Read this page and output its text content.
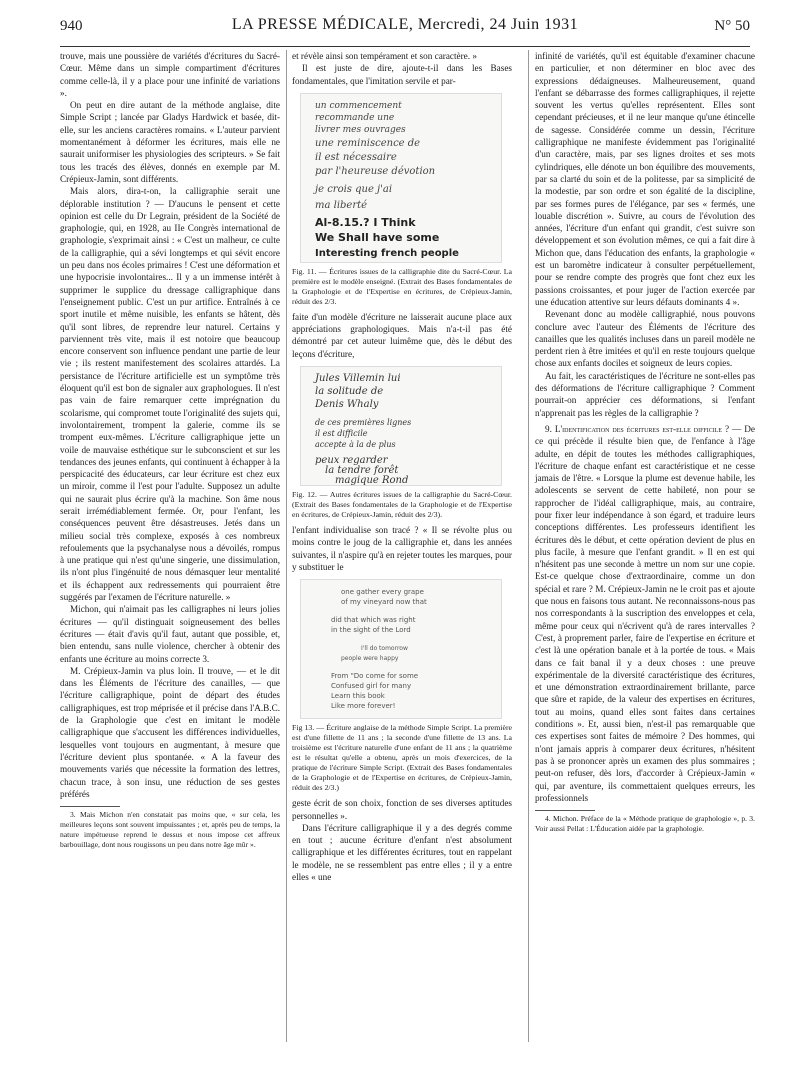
940	LA PRESSE MÉDICALE, Mercredi, 24 Juin 1931	N° 50

trouve, mais une poussière de variétés d'écritures du Sacré-Cœur. Même dans un simple compartiment d'écritures comme celle-là, il y a place pour une infinité de variations ».

On peut en dire autant de la méthode anglaise, dite Simple Script ; lancée par Gladys Hardwick et basée, dit-elle, sur les anciens caractères romains. « L'auteur parvient momentanément à déformer les écritures, mais elle ne saurait uniformiser les physiologies des scripteurs. » Se fait tous les tracés des élèves, donnés en exemple par M. Crépieux-Jamin, sont différents.

Mais alors, dira-t-on, la calligraphie serait une déplorable institution ? — D'aucuns le pensent et cette opinion est celle du Dr Legrain, président de la Société de graphologie, qui, en 1928, au IIe Congrès international de graphologie, s'exprimait ainsi : « C'est un malheur, ce culte de la calligraphie, qui a sévi longtemps et qui sévit encore un peu dans nos écoles primaires ! C'est une déformation et une hypocrisie involontaires... Il y a un immense intérêt à supprimer le supplice du dressage calligraphique dans l'enseignement public. C'est un pur artifice. Entraînés à ce sport inutile et même nuisible, les enfants se hâtent, dès qu'il sont libres, de reprendre leur naturel. Certains y parviennent très vite, mais il est notoire que beaucoup encore conservent son influence pendant une partie de leur vie ; ils restent manifestement des scolaires attardés. La persistance de l'écriture artificielle est un symptôme très éloquent qu'il est bon de signaler aux graphologues. Il n'est pas vain de faire remarquer cette imprégnation du scolarisme, qui compromet toute l'originalité des sujets qui, involontairement, trompent la galerie, comme ils se trompent eux-mêmes. L'écriture calligraphique jette un voile de mauvaise esthétique sur le subconscient et sur les tendances des jeunes enfants, qui continuent à échapper à la perspicacité des éducateurs, car leur écriture est chez eux un miroir, comme il l'est pour l'adulte. Supposez un adulte qui ne saurait plus écrire qu'à la machine. Son âme nous serait irrémédiablement fermée. Or, pour l'enfant, les conséquences peuvent être désastreuses. Jetés dans un milieu social très complexe, exposés à ces nombreux refoulements que la psychanalyse nous a dévoilés, rompus à une pratique qui n'est qu'une singerie, une dissimulation, ils n'ont plus l'ingénuité de nous démasquer leur mentalité et ils échappent aux redressements qui pourraient être suggérés par l'examen de l'écriture naturelle. »

Michon, qui n'aimait pas les calligraphes ni leurs jolies écritures — qu'il distinguait soigneusement des belles écritures — était d'avis qu'il faut, autant que possible, et, bien entendu, sans nulle violence, chercher à obtenir des enfants une écriture au moins correcte 3.

M. Crépieux-Jamin va plus loin. Il trouve, — et le dit dans les Éléments de l'écriture des canailles, — que l'écriture calligraphique, point de départ des études calligraphiques, est trop méprisée et il précise dans l'A.B.C. de la Graphologie que c'est en imitant le modèle calligraphique que s'accusent les différences individuelles, lesquelles vont toujours en augmentant, à mesure que l'écriture devient plus spontanée. « A la faveur des mouvements variés que nécessite la formation des lettres, chacun trace, à son insu, une réduction de ses gestes préférés

3. Mais Michon n'en constatait pas moins que, « sur cela, les meilleures leçons sont souvent impuissantes ; et, après peu de temps, la nature impétueuse reprend le dessus et nous impose cet affreux barbouillage, dont nous rougissons un peu dans notre âge mûr ».

et révèle ainsi son tempérament et son caractère. »

Il est juste de dire, ajoute-t-il dans les Bases fondamentales, que l'imitation servile et par-

un commencement
recommande une
livrer mes ouvrages
une reminiscence de
il est nécessaire
par l'heureuse dévotion
je crois que j'ai
ma liberté
Al-8.15.? I Think
We Shall have some
Interesting french people

Fig. 11. — Écritures issues de la calligraphie dite du Sacré-Cœur. La première est le modèle enseigné. (Extrait des Bases fondamentales de la Graphologie et de l'Expertise en écritures, de Crépieux-Jamin, réduit des 2/3.

faite d'un modèle d'écriture ne laisserait aucune place aux appréciations graphologiques. Mais n'a-t-il pas été démontré par cet auteur luimême que, dès le début des leçons d'écriture,

Jules Villemin lui
la solitude de
Denis Whaly
de ces premières lignes
il est difficile
accepte à la de plus
peux regarder
la tendre forêt
magique Rond

Fig. 12. — Autres écritures issues de la calligraphie du Sacré-Cœur. (Extrait des Bases fondamentales de la Graphologie et de l'Expertise en écritures, de Crépieux-Jamin, réduit des 2/3).

l'enfant individualise son tracé ? « Il se révolte plus ou moins contre le joug de la calligraphie et, dans les années suivantes, il n'aspire qu'à en rejeter toutes les marques, pour y substituer le

one gather every grape
of my vineyard now that
did that which was right
in the sight of the Lord
I'll do tomorrow
people were happy
From "Do come for some
Confused girl for many
Learn this book
Like more forever!

Fig 13. — Écriture anglaise de la méthode Simple Script. La première est d'une fillette de 11 ans ; la seconde d'une fillette de 13 ans. La troisième est l'écriture naturelle d'une enfant de 11 ans ; la quatrième est le résultat qu'elle a obtenu, après un mois d'exercices, de la pratique de l'écriture Simple Script. (Extrait des Bases fondamentales de la Graphologie et de l'Expertise en écritures, de Crépieux-Jamin, réduit des 2/3.)

geste écrit de son choix, fonction de ses diverses aptitudes personnelles ».

Dans l'écriture calligraphique il y a des degrés comme en tout ; aucune écriture d'enfant n'est absolument calligraphique et les différentes écritures, tout en rappelant le modèle, ne se ressemblent pas entre elles ; il y a entre elles « une

infinité de variétés, qu'il est équitable d'examiner chacune en particulier, et non déterminer en bloc avec des expressions dédaigneuses. Malheureusement, quand l'enfant se débarrasse des formes calligraphiques, il rejette souvent les vertus qu'elles représentent. Elles sont cependant précieuses, et il ne leur manque qu'une étincelle de sagesse. Considérée comme un dessin, l'écriture calligraphique ne manifeste évidemment pas l'originalité d'un caractère, mais, par ses lignes droites et ses mots cylindriques, elle dénote un bon équilibre des mouvements, par sa clarté du soin et de la politesse, par sa simplicité de la modestie, par son ordre et son égalité de la discipline, par ses formes pures de l'élégance, par ses « fermés, une louable discrétion ». Suivre, au cours de l'évolution des années, l'écriture d'un enfant qui grandit, c'est suivre son développement et son évolution mêmes, ce qui a fait dire à Michon que, dans l'éducation des enfants, la graphologie « est un baromètre indicateur à consulter perpétuellement, pour se rendre compte des progrès que font chez eux les passions croissantes, et pour juger de l'action exercée par une éducation attentive sur leurs défauts dominants 4 ».

Revenant donc au modèle calligraphié, nous pouvons conclure avec l'auteur des Éléments de l'écriture des canailles que les qualités incluses dans un pareil modèle ne perdent rien à être imitées et qu'il en reste toujours quelque chose aux enfants dociles et soigneux de leurs copies.

Au fait, les caractéristiques de l'écriture ne sont-elles pas des déformations de l'écriture calligraphique ? Comment pourrait-on apprécier ces déformations, si l'enfant n'apprenait pas les règles de la calligraphie ?

9. L'identification des écritures est-elle difficile ? — De ce qui précède il résulte bien que, de l'enfance à l'âge adulte, en dépit de toutes les méthodes calligraphiques, l'écriture de chaque enfant est caractéristique et ne cesse jamais de l'être. « Lorsque la plume est devenue habile, les adolescents se servent de cette habileté, non pour se rapprocher de l'idéal calligraphique, mais, au contraire, pour fixer leur indépendance à son égard, et traduire leurs conceptions différentes. Les professeurs identifient les écritures dès le début, et cette opération devient de plus en plus facile, à mesure que l'enfant grandit. » Il en est qui n'hésitent pas une seconde à mettre un nom sur une copie. Est-ce quelque chose d'extraordinaire, comme un don spécial et rare ? M. Crépieux-Jamin ne le croit pas et ajoute que nous en faisons tous autant. Ne reconnaissons-nous pas nos correspondants à la suscription des enveloppes et cela, même pour ceux qui n'écrivent qu'à de rares intervalles ? C'est, à proprement parler, faire de l'expertise en écriture et c'est là une opération banale et à la portée de tous. « Mais dans ce fait banal il y a deux choses : une preuve expérimentale de la diversité caractéristique des écritures, et une démonstration extraordinairement brillante, parce que sûre et rapide, de la valeur des expertises en écritures, tout au moins, quand elles sont faites dans certaines conditions ». Et, aussi bien, n'est-il pas remarquable que ces expertises sont faites de mémoire ? Des hommes, qui n'ont jamais appris à comparer deux écritures, n'hésitent pas à se prononcer après un examen des plus sommaires ; peut-on refuser, dès lors, d'accorder à Crépieux-Jamin « qui, par aventure, ils commettaient quelques erreurs, les professionnels

4. Michon. Préface de la « Méthode pratique de graphologie », p. 3. Voir aussi Pellat : L'Éducation aidée par la graphologie.
